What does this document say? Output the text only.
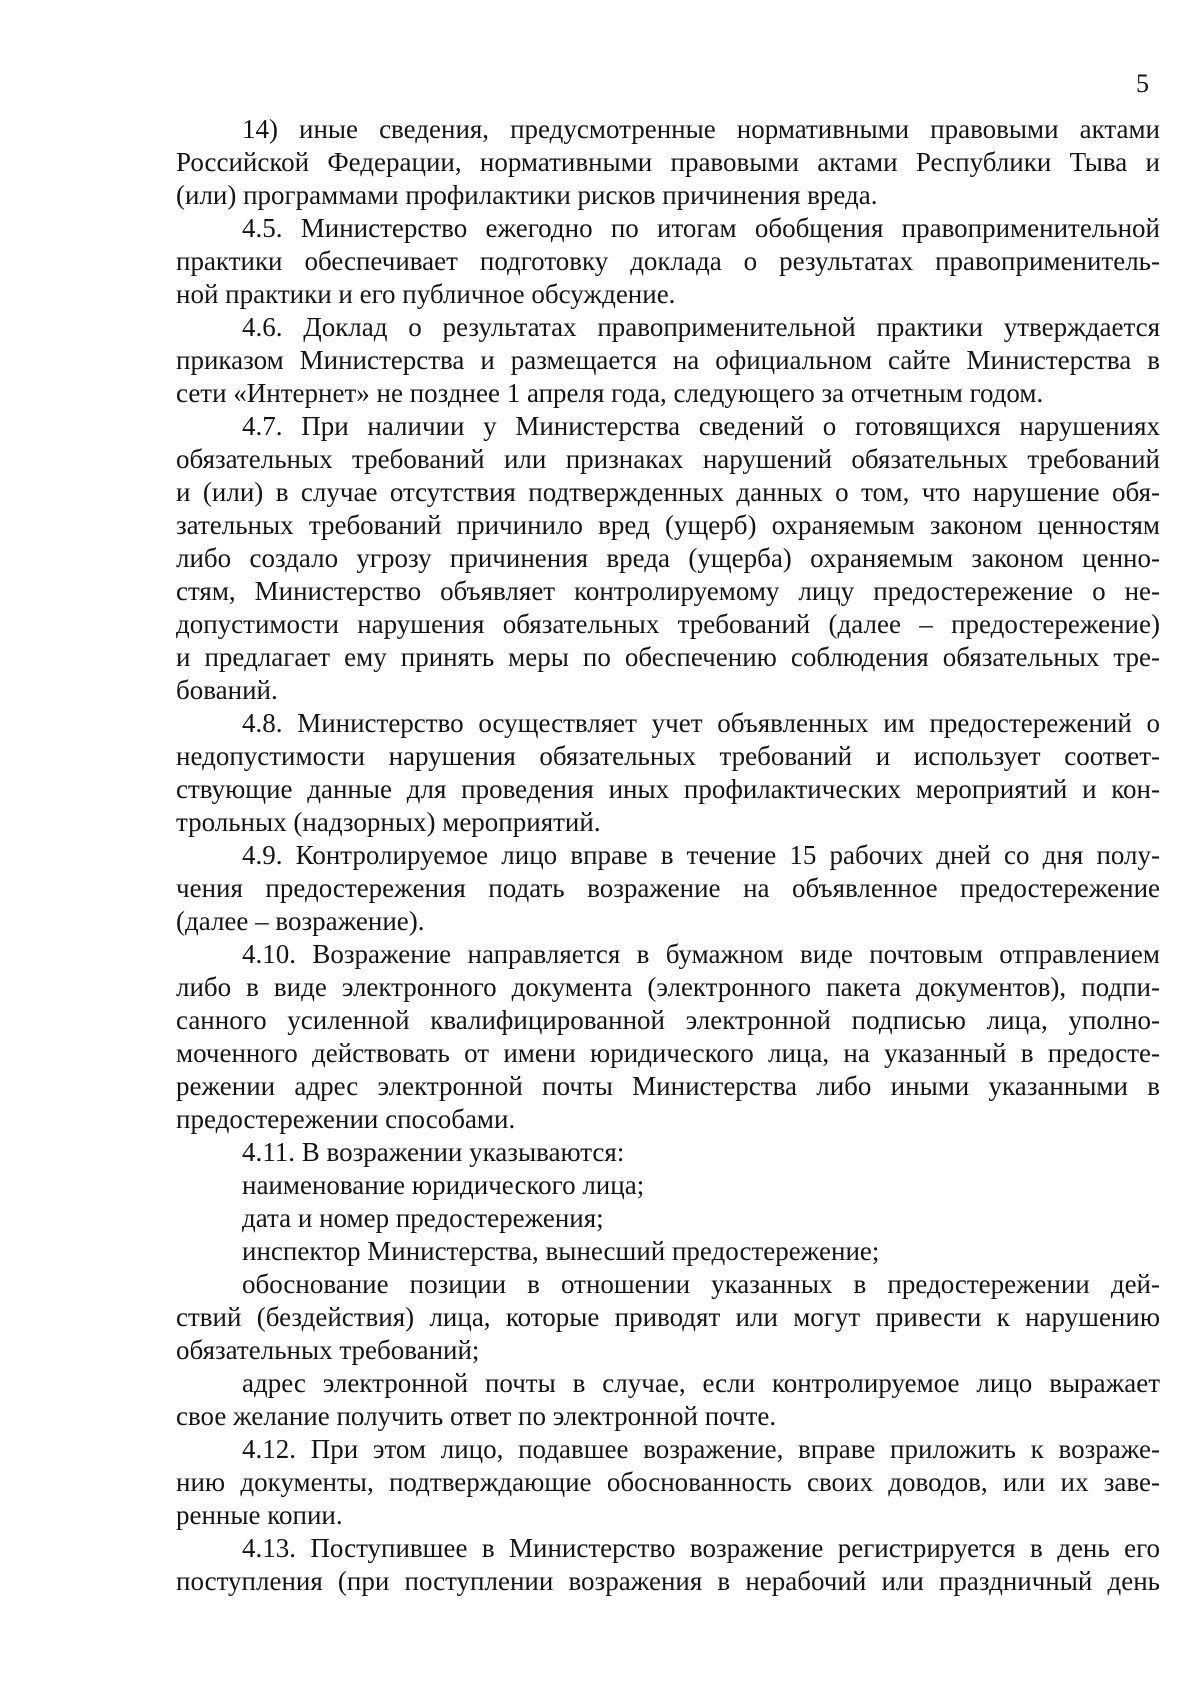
5
14) иные сведения, предусмотренные нормативными правовыми актами
Российской Федерации, нормативными правовыми актами Республики Тыва и
(или) программами профилактики рисков причинения вреда.
4.5. Министерство ежегодно по итогам обобщения правоприменительной
практики обеспечивает подготовку доклада о результатах правоприменитель-
ной практики и его публичное обсуждение.
4.6. Доклад о результатах правоприменительной практики утверждается
приказом Министерства и размещается на официальном сайте Министерства в
сети «Интернет» не позднее 1 апреля года, следующего за отчетным годом.
4.7. При наличии у Министерства сведений о готовящихся нарушениях
обязательных требований или признаках нарушений обязательных требований
и (или) в случае отсутствия подтвержденных данных о том, что нарушение обя-
зательных требований причинило вред (ущерб) охраняемым законом ценностям
либо создало угрозу причинения вреда (ущерба) охраняемым законом ценно-
стям, Министерство объявляет контролируемому лицу предостережение о не-
допустимости нарушения обязательных требований (далее – предостережение)
и предлагает ему принять меры по обеспечению соблюдения обязательных тре-
бований.
4.8. Министерство осуществляет учет объявленных им предостережений о
недопустимости нарушения обязательных требований и использует соответ-
ствующие данные для проведения иных профилактических мероприятий и кон-
трольных (надзорных) мероприятий.
4.9. Контролируемое лицо вправе в течение 15 рабочих дней со дня полу-
чения предостережения подать возражение на объявленное предостережение
(далее – возражение).
4.10. Возражение направляется в бумажном виде почтовым отправлением
либо в виде электронного документа (электронного пакета документов), подпи-
санного усиленной квалифицированной электронной подписью лица, уполно-
моченного действовать от имени юридического лица, на указанный в предосте-
режении адрес электронной почты Министерства либо иными указанными в
предостережении способами.
4.11. В возражении указываются:
наименование юридического лица;
дата и номер предостережения;
инспектор Министерства, вынесший предостережение;
обоснование позиции в отношении указанных в предостережении дей-
ствий (бездействия) лица, которые приводят или могут привести к нарушению
обязательных требований;
адрес электронной почты в случае, если контролируемое лицо выражает
свое желание получить ответ по электронной почте.
4.12. При этом лицо, подавшее возражение, вправе приложить к возраже-
нию документы, подтверждающие обоснованность своих доводов, или их заве-
ренные копии.
4.13. Поступившее в Министерство возражение регистрируется в день его
поступления (при поступлении возражения в нерабочий или праздничный день
